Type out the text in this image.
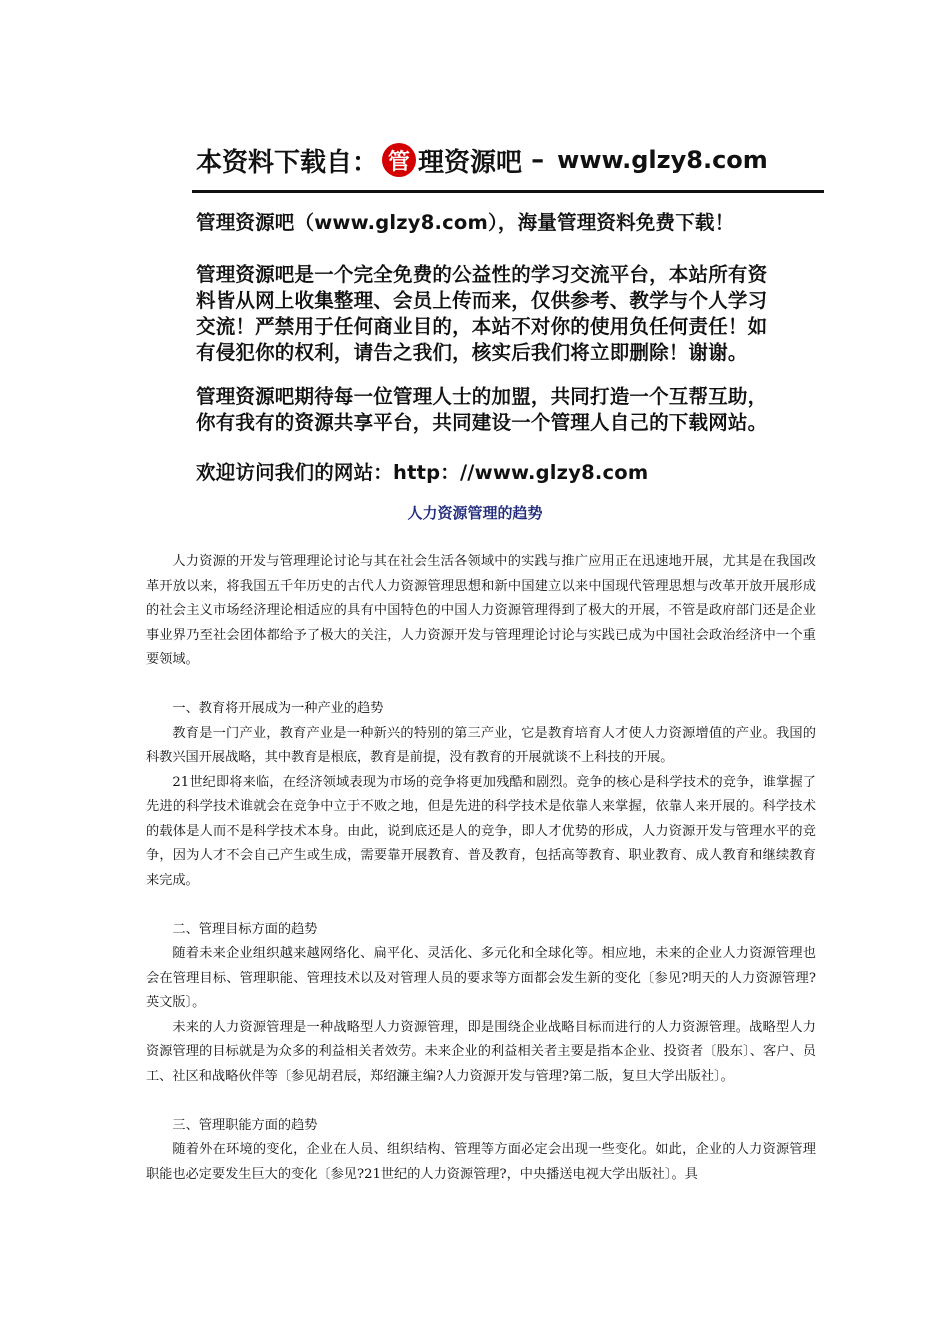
本资料下载自： 管 理资源吧 – www.glzy8.com
管理资源吧（www.glzy8.com），海量管理资料免费下载！
管理资源吧是一个完全免费的公益性的学习交流平台，本站所有资
料皆从网上收集整理、会员上传而来，仅供参考、教学与个人学习
交流！严禁用于任何商业目的，本站不对你的使用负任何责任！如
有侵犯你的权利，请告之我们，核实后我们将立即删除！谢谢。
管理资源吧期待每一位管理人士的加盟，共同打造一个互帮互助，
你有我有的资源共享平台，共同建设一个管理人自己的下载网站。
欢迎访问我们的网站：http：//www.glzy8.com
人力资源管理的趋势

人力资源的开发与管理理论讨论与其在社会生活各领域中的实践与推广应用正在迅速地开展，尤其是在我国改革开放以来，将我国五千年历史的古代人力资源管理思想和新中国建立以来中国现代管理思想与改革开放开展形成的社会主义市场经济理论相适应的具有中国特色的中国人力资源管理得到了极大的开展，不管是政府部门还是企业事业界乃至社会团体都给予了极大的关注，人力资源开发与管理理论讨论与实践已成为中国社会政治经济中一个重要领域。

一、教育将开展成为一种产业的趋势

教育是一门产业，教育产业是一种新兴的特别的第三产业，它是教育培育人才使人力资源增值的产业。我国的科教兴国开展战略，其中教育是根底，教育是前提，没有教育的开展就谈不上科技的开展。

21世纪即将来临，在经济领域表现为市场的竞争将更加残酷和剧烈。竞争的核心是科学技术的竞争，谁掌握了先进的科学技术谁就会在竞争中立于不败之地，但是先进的科学技术是依靠人来掌握，依靠人来开展的。科学技术的载体是人而不是科学技术本身。由此，说到底还是人的竞争，即人才优势的形成，人力资源开发与管理水平的竞争，因为人才不会自己产生或生成，需要靠开展教育、普及教育，包括高等教育、职业教育、成人教育和继续教育来完成。

二、管理目标方面的趋势

随着未来企业组织越来越网络化、扁平化、灵活化、多元化和全球化等。相应地，未来的企业人力资源管理也会在管理目标、管理职能、管理技术以及对管理人员的要求等方面都会发生新的变化〔参见?明天的人力资源管理?英文版〕。

未来的人力资源管理是一种战略型人力资源管理，即是围绕企业战略目标而进行的人力资源管理。战略型人力资源管理的目标就是为众多的利益相关者效劳。未来企业的利益相关者主要是指本企业、投资者〔股东〕、客户、员工、社区和战略伙伴等〔参见胡君辰，郑绍濂主编?人力资源开发与管理?第二版，复旦大学出版社〕。

三、管理职能方面的趋势

随着外在环境的变化，企业在人员、组织结构、管理等方面必定会出现一些变化。如此，企业的人力资源管理职能也必定要发生巨大的变化〔参见?21世纪的人力资源管理?，中央播送电视大学出版社〕。具
